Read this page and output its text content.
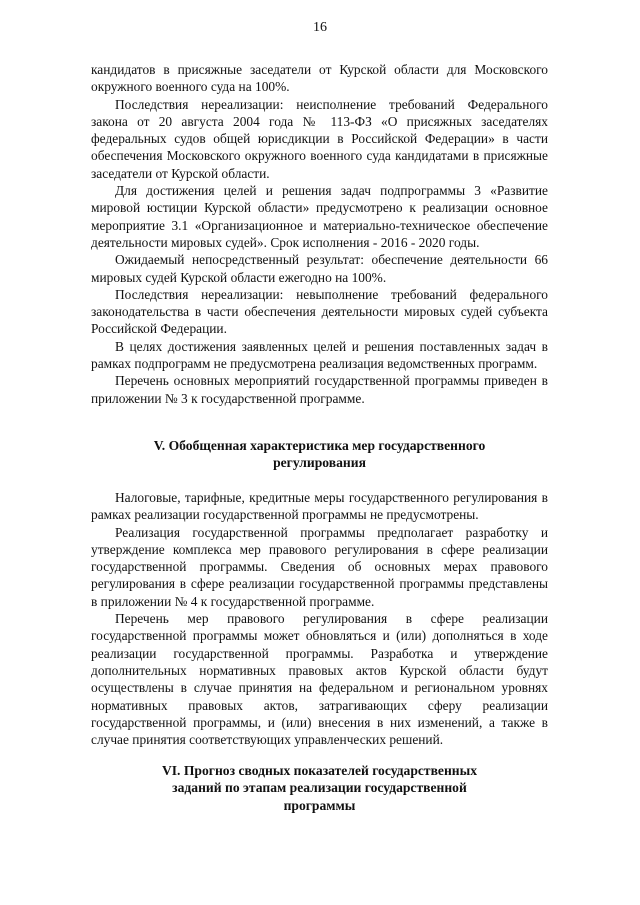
16

кандидатов в присяжные заседатели от Курской области для Московского окружного военного суда на 100%.

Последствия нереализации: неисполнение требований Федерального закона от 20 августа 2004 года № 113-ФЗ «О присяжных заседателях федеральных судов общей юрисдикции в Российской Федерации» в части обеспечения Московского окружного военного суда кандидатами в присяжные заседатели от Курской области.

Для достижения целей и решения задач подпрограммы 3 «Развитие мировой юстиции Курской области» предусмотрено к реализации основное мероприятие 3.1 «Организационное и материально-техническое обеспечение деятельности мировых судей». Срок исполнения - 2016 - 2020 годы.

Ожидаемый непосредственный результат: обеспечение деятельности 66 мировых судей Курской области ежегодно на 100%.

Последствия нереализации: невыполнение требований федерального законодательства в части обеспечения деятельности мировых судей субъекта Российской Федерации.

В целях достижения заявленных целей и решения поставленных задач в рамках подпрограмм не предусмотрена реализация ведомственных программ.

Перечень основных мероприятий государственной программы приведен в приложении № 3 к государственной программе.

V. Обобщенная характеристика мер государственного
регулирования

Налоговые, тарифные, кредитные меры государственного регулирования в рамках реализации государственной программы не предусмотрены.

Реализация государственной программы предполагает разработку и утверждение комплекса мер правового регулирования в сфере реализации государственной программы. Сведения об основных мерах правового регулирования в сфере реализации государственной программы представлены в приложении № 4 к государственной программе.

Перечень мер правового регулирования в сфере реализации государственной программы может обновляться и (или) дополняться в ходе реализации государственной программы. Разработка и утверждение дополнительных нормативных правовых актов Курской области будут осуществлены в случае принятия на федеральном и региональном уровнях нормативных правовых актов, затрагивающих сферу реализации государственной программы, и (или) внесения в них изменений, а также в случае принятия соответствующих управленческих решений.

VI. Прогноз сводных показателей государственных
заданий по этапам реализации государственной
программы
